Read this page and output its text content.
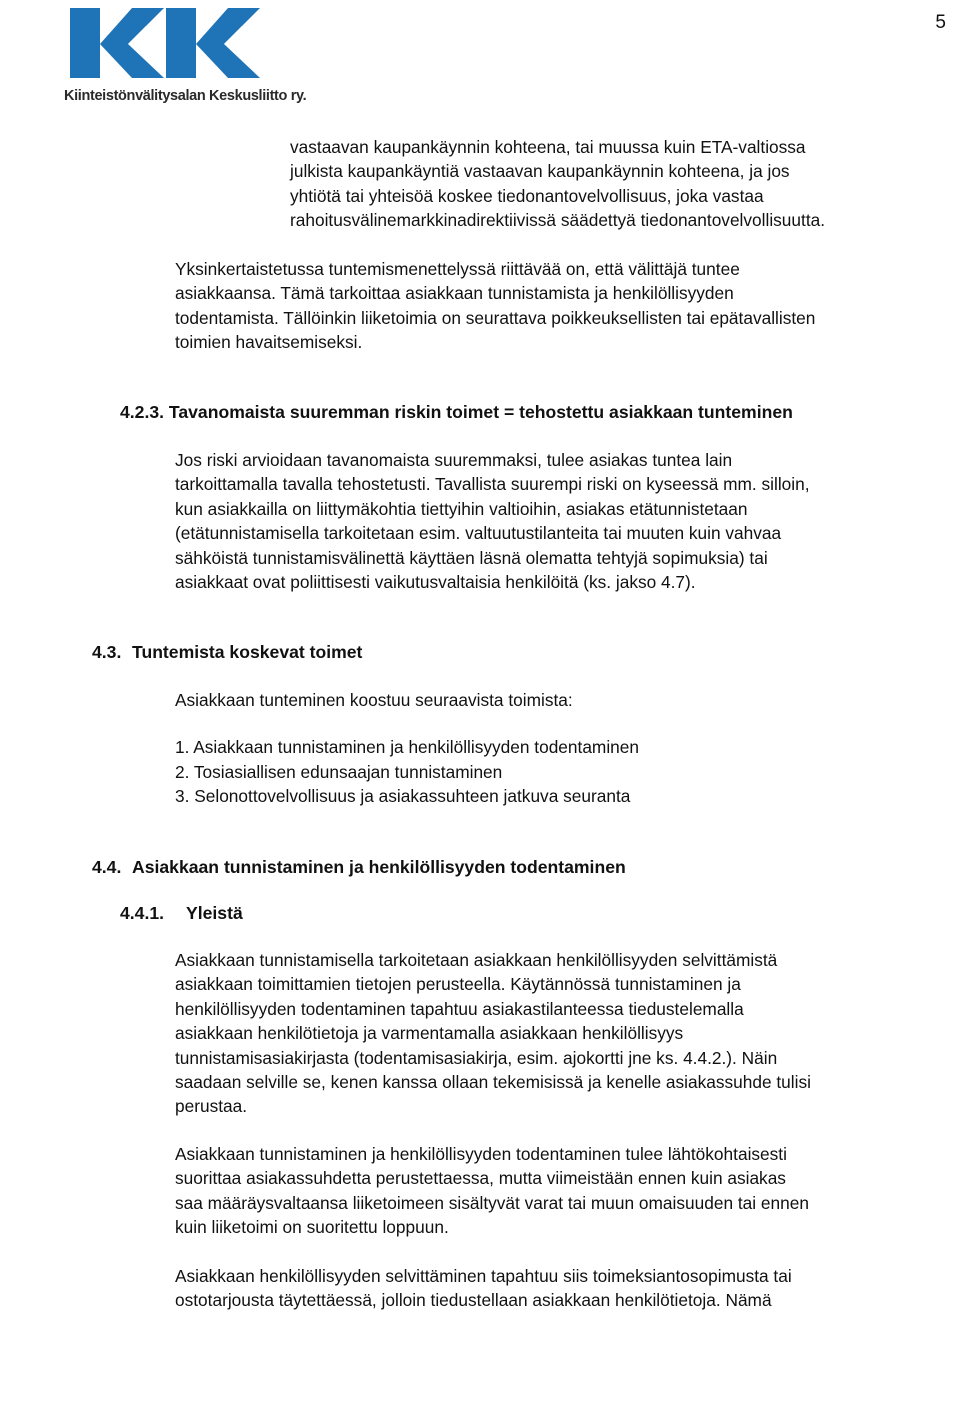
5
Kiinteistönvälitysalan Keskusliitto ry.

vastaavan kaupankäynnin kohteena, tai muussa kuin ETA-valtiossa
julkista kaupankäyntiä vastaavan kaupankäynnin kohteena, ja jos
yhtiötä tai yhteisöä koskee tiedonantovelvollisuus, joka vastaa
rahoitusvälinemarkkinadirektiivissä säädettyä tiedonantovelvollisuutta.

Yksinkertaistetussa tuntemismenettelyssä riittävää on, että välittäjä tuntee
asiakkaansa. Tämä tarkoittaa asiakkaan tunnistamista ja henkilöllisyyden
todentamista. Tällöinkin liiketoimia on seurattava poikkeuksellisten tai epätavallisten
toimien havaitsemiseksi.

4.2.3. Tavanomaista suuremman riskin toimet = tehostettu asiakkaan tunteminen

Jos riski arvioidaan tavanomaista suuremmaksi, tulee asiakas tuntea lain
tarkoittamalla tavalla tehostetusti. Tavallista suurempi riski on kyseessä mm. silloin,
kun asiakkailla on liittymäkohtia tiettyihin valtioihin, asiakas etätunnistetaan
(etätunnistamisella tarkoitetaan esim. valtuutustilanteita tai muuten kuin vahvaa
sähköistä tunnistamisvälinettä käyttäen läsnä olematta tehtyjä sopimuksia) tai
asiakkaat ovat poliittisesti vaikutusvaltaisia henkilöitä (ks. jakso 4.7).

4.3. Tuntemista koskevat toimet

Asiakkaan tunteminen koostuu seuraavista toimista:

1. Asiakkaan tunnistaminen ja henkilöllisyyden todentaminen
2. Tosiasiallisen edunsaajan tunnistaminen
3. Selonottovelvollisuus ja asiakassuhteen jatkuva seuranta
4.4. Asiakkaan tunnistaminen ja henkilöllisyyden todentaminen
4.4.1. Yleistä

Asiakkaan tunnistamisella tarkoitetaan asiakkaan henkilöllisyyden selvittämistä
asiakkaan toimittamien tietojen perusteella. Käytännössä tunnistaminen ja
henkilöllisyyden todentaminen tapahtuu asiakastilanteessa tiedustelemalla
asiakkaan henkilötietoja ja varmentamalla asiakkaan henkilöllisyys
tunnistamisasiakirjasta (todentamisasiakirja, esim. ajokortti jne ks. 4.4.2.). Näin
saadaan selville se, kenen kanssa ollaan tekemisissä ja kenelle asiakassuhde tulisi
perustaa.

Asiakkaan tunnistaminen ja henkilöllisyyden todentaminen tulee lähtökohtaisesti
suorittaa asiakassuhdetta perustettaessa, mutta viimeistään ennen kuin asiakas
saa määräysvaltaansa liiketoimeen sisältyvät varat tai muun omaisuuden tai ennen
kuin liiketoimi on suoritettu loppuun.

Asiakkaan henkilöllisyyden selvittäminen tapahtuu siis toimeksiantosopimusta tai
ostotarjousta täytettäessä, jolloin tiedustellaan asiakkaan henkilötietoja. Nämä
